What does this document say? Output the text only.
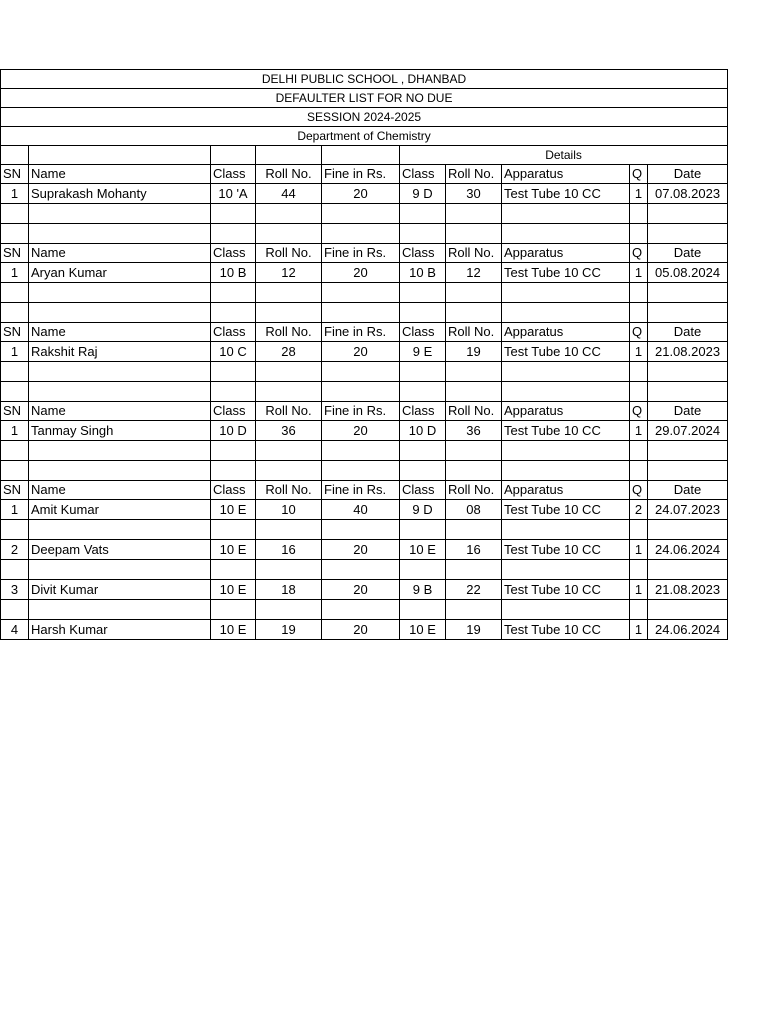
DELHI PUBLIC SCHOOL , DHANBAD									
DEFAULTER LIST FOR NO DUE									
SESSION 2024-2025									
Department of Chemistry									
					Details				
SN	Name	Class	Roll No.	Fine in Rs.	Class	Roll No.	Apparatus	Q	Date
1	Suprakash Mohanty	10 'A	44	20	9 D	30	Test Tube 10 CC	1	07.08.2023

SN	Name	Class	Roll No.	Fine in Rs.	Class	Roll No.	Apparatus	Q	Date
1	Aryan Kumar	10 B	12	20	10 B	12	Test Tube 10 CC	1	05.08.2024

SN	Name	Class	Roll No.	Fine in Rs.	Class	Roll No.	Apparatus	Q	Date
1	Rakshit Raj	10 C	28	20	9 E	19	Test Tube 10 CC	1	21.08.2023

SN	Name	Class	Roll No.	Fine in Rs.	Class	Roll No.	Apparatus	Q	Date
1	Tanmay Singh	10 D	36	20	10 D	36	Test Tube 10 CC	1	29.07.2024

SN	Name	Class	Roll No.	Fine in Rs.	Class	Roll No.	Apparatus	Q	Date
1	Amit Kumar	10 E	10	40	9 D	08	Test Tube 10 CC	2	24.07.2023

2	Deepam Vats	10 E	16	20	10 E	16	Test Tube 10 CC	1	24.06.2024

3	Divit Kumar	10 E	18	20	9 B	22	Test Tube 10 CC	1	21.08.2023

4	Harsh Kumar	10 E	19	20	10 E	19	Test Tube 10 CC	1	24.06.2024
